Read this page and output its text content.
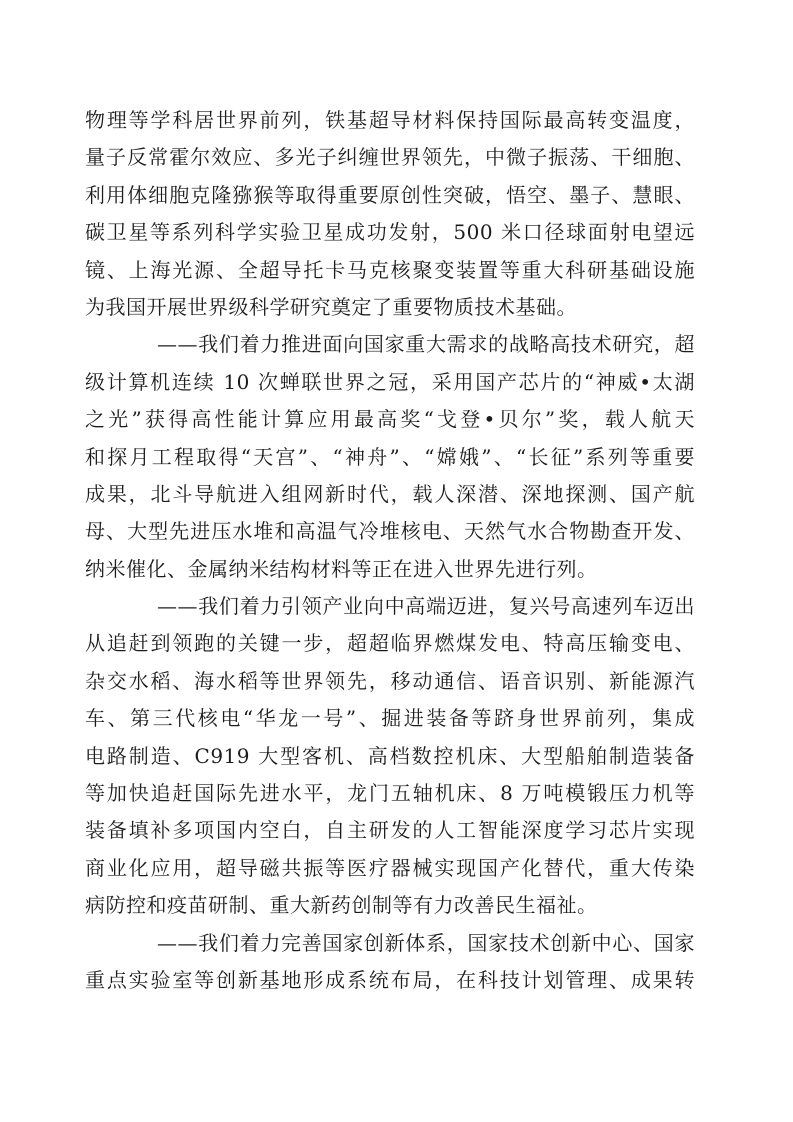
物理等学科居世界前列，铁基超导材料保持国际最高转变温度，
量子反常霍尔效应、多光子纠缠世界领先，中微子振荡、干细胞、
利用体细胞克隆猕猴等取得重要原创性突破，悟空、墨子、慧眼、
碳卫星等系列科学实验卫星成功发射，500 米口径球面射电望远
镜、上海光源、全超导托卡马克核聚变装置等重大科研基础设施
为我国开展世界级科学研究奠定了重要物质技术基础。
——我们着力推进面向国家重大需求的战略高技术研究，超
级计算机连续 10 次蝉联世界之冠，采用国产芯片的“神威•太湖
之光”获得高性能计算应用最高奖“戈登•贝尔”奖，载人航天
和探月工程取得“天宫”、“神舟”、“嫦娥”、“长征”系列等重要
成果，北斗导航进入组网新时代，载人深潜、深地探测、国产航
母、大型先进压水堆和高温气冷堆核电、天然气水合物勘查开发、
纳米催化、金属纳米结构材料等正在进入世界先进行列。
——我们着力引领产业向中高端迈进，复兴号高速列车迈出
从追赶到领跑的关键一步，超超临界燃煤发电、特高压输变电、
杂交水稻、海水稻等世界领先，移动通信、语音识别、新能源汽
车、第三代核电“华龙一号”、掘进装备等跻身世界前列，集成
电路制造、C919 大型客机、高档数控机床、大型船舶制造装备
等加快追赶国际先进水平，龙门五轴机床、8 万吨模锻压力机等
装备填补多项国内空白，自主研发的人工智能深度学习芯片实现
商业化应用，超导磁共振等医疗器械实现国产化替代，重大传染
病防控和疫苗研制、重大新药创制等有力改善民生福祉。
——我们着力完善国家创新体系，国家技术创新中心、国家
重点实验室等创新基地形成系统布局，在科技计划管理、成果转
